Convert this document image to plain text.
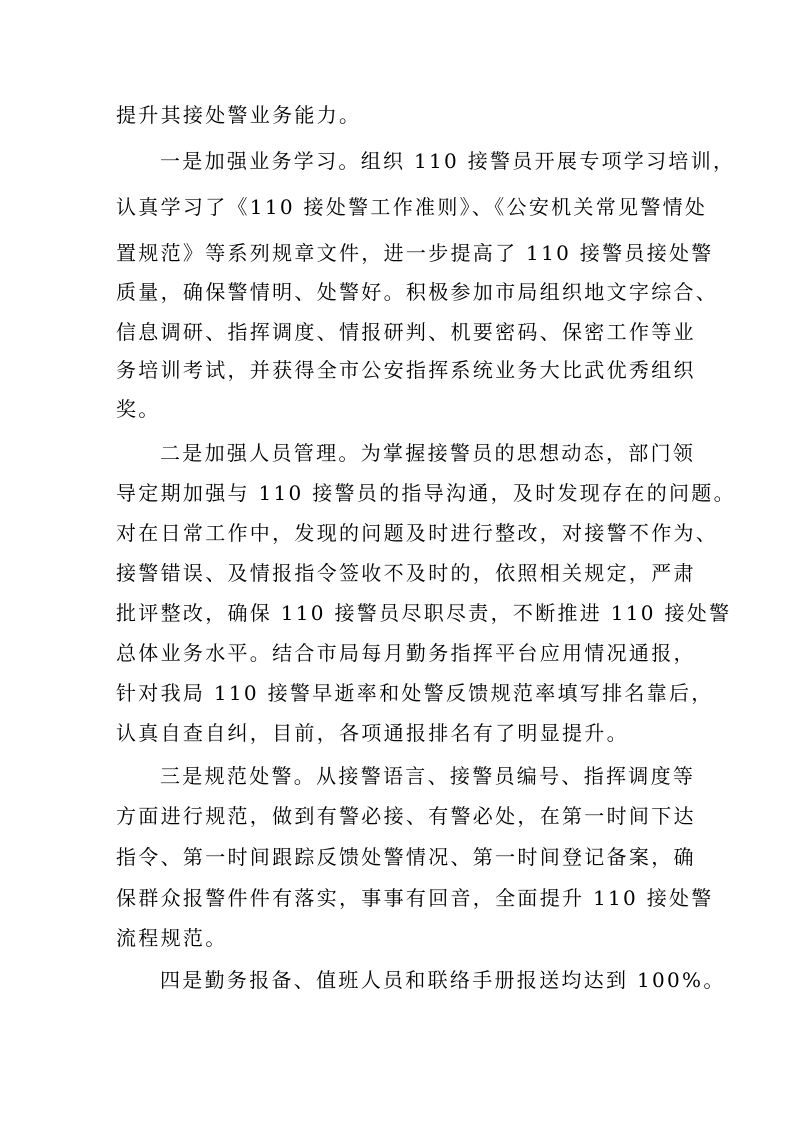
提升其接处警业务能力。
一是加强业务学习。组织 110 接警员开展专项学习培训，
认真学习了《110 接处警工作准则》、《公安机关常见警情处
置规范》等系列规章文件，进一步提高了 110 接警员接处警
质量，确保警情明、处警好。积极参加市局组织地文字综合、
信息调研、指挥调度、情报研判、机要密码、保密工作等业
务培训考试，并获得全市公安指挥系统业务大比武优秀组织
奖。
二是加强人员管理。为掌握接警员的思想动态，部门领
导定期加强与 110 接警员的指导沟通，及时发现存在的问题。
对在日常工作中，发现的问题及时进行整改，对接警不作为、
接警错误、及情报指令签收不及时的，依照相关规定，严肃
批评整改，确保 110 接警员尽职尽责，不断推进 110 接处警
总体业务水平。结合市局每月勤务指挥平台应用情况通报，
针对我局 110 接警早逝率和处警反馈规范率填写排名靠后，
认真自查自纠，目前，各项通报排名有了明显提升。
三是规范处警。从接警语言、接警员编号、指挥调度等
方面进行规范，做到有警必接、有警必处，在第一时间下达
指令、第一时间跟踪反馈处警情况、第一时间登记备案，确
保群众报警件件有落实，事事有回音，全面提升 110 接处警
流程规范。
四是勤务报备、值班人员和联络手册报送均达到 100%。
